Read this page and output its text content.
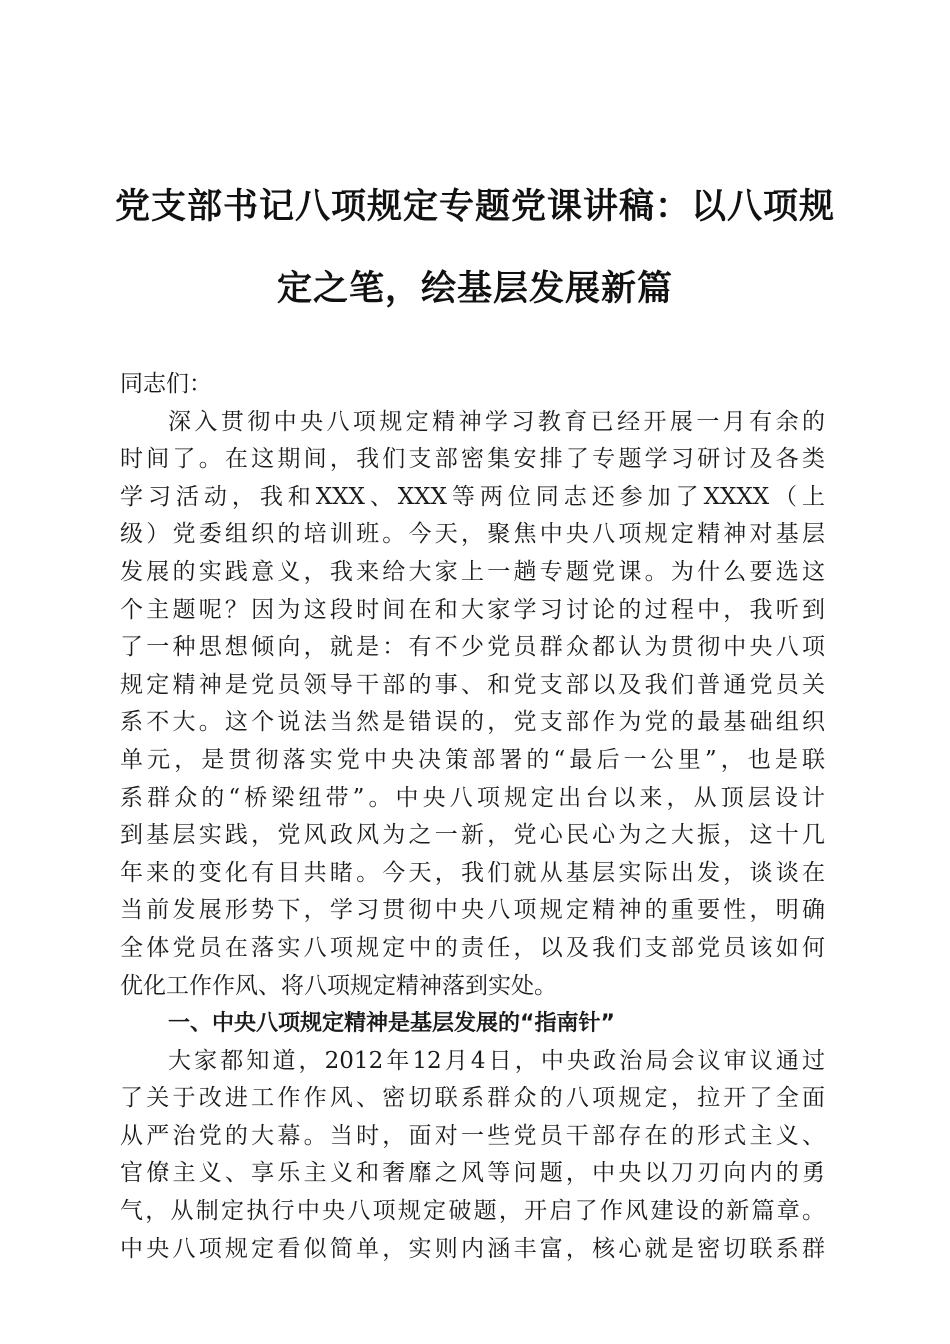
党支部书记八项规定专题党课讲稿：以八项规
定之笔，绘基层发展新篇
同志们：
深入贯彻中央八项规定精神学习教育已经开展一月有余的
时间了。在这期间，我们支部密集安排了专题学习研讨及各类
学习活动，我和XXX、XXX等两位同志还参加了XXXX（上
级）党委组织的培训班。今天，聚焦中央八项规定精神对基层
发展的实践意义，我来给大家上一趟专题党课。为什么要选这
个主题呢？因为这段时间在和大家学习讨论的过程中，我听到
了一种思想倾向，就是：有不少党员群众都认为贯彻中央八项
规定精神是党员领导干部的事、和党支部以及我们普通党员关
系不大。这个说法当然是错误的，党支部作为党的最基础组织
单元，是贯彻落实党中央决策部署的“最后一公里”，也是联
系群众的“桥梁纽带”。中央八项规定出台以来，从顶层设计
到基层实践，党风政风为之一新，党心民心为之大振，这十几
年来的变化有目共睹。今天，我们就从基层实际出发，谈谈在
当前发展形势下，学习贯彻中央八项规定精神的重要性，明确
全体党员在落实八项规定中的责任，以及我们支部党员该如何
优化工作作风、将八项规定精神落到实处。
一、中央八项规定精神是基层发展的“指南针”
大家都知道，2012年12月4日，中央政治局会议审议通过
了关于改进工作作风、密切联系群众的八项规定，拉开了全面
从严治党的大幕。当时，面对一些党员干部存在的形式主义、
官僚主义、享乐主义和奢靡之风等问题，中央以刀刃向内的勇
气，从制定执行中央八项规定破题，开启了作风建设的新篇章。
中央八项规定看似简单，实则内涵丰富，核心就是密切联系群
